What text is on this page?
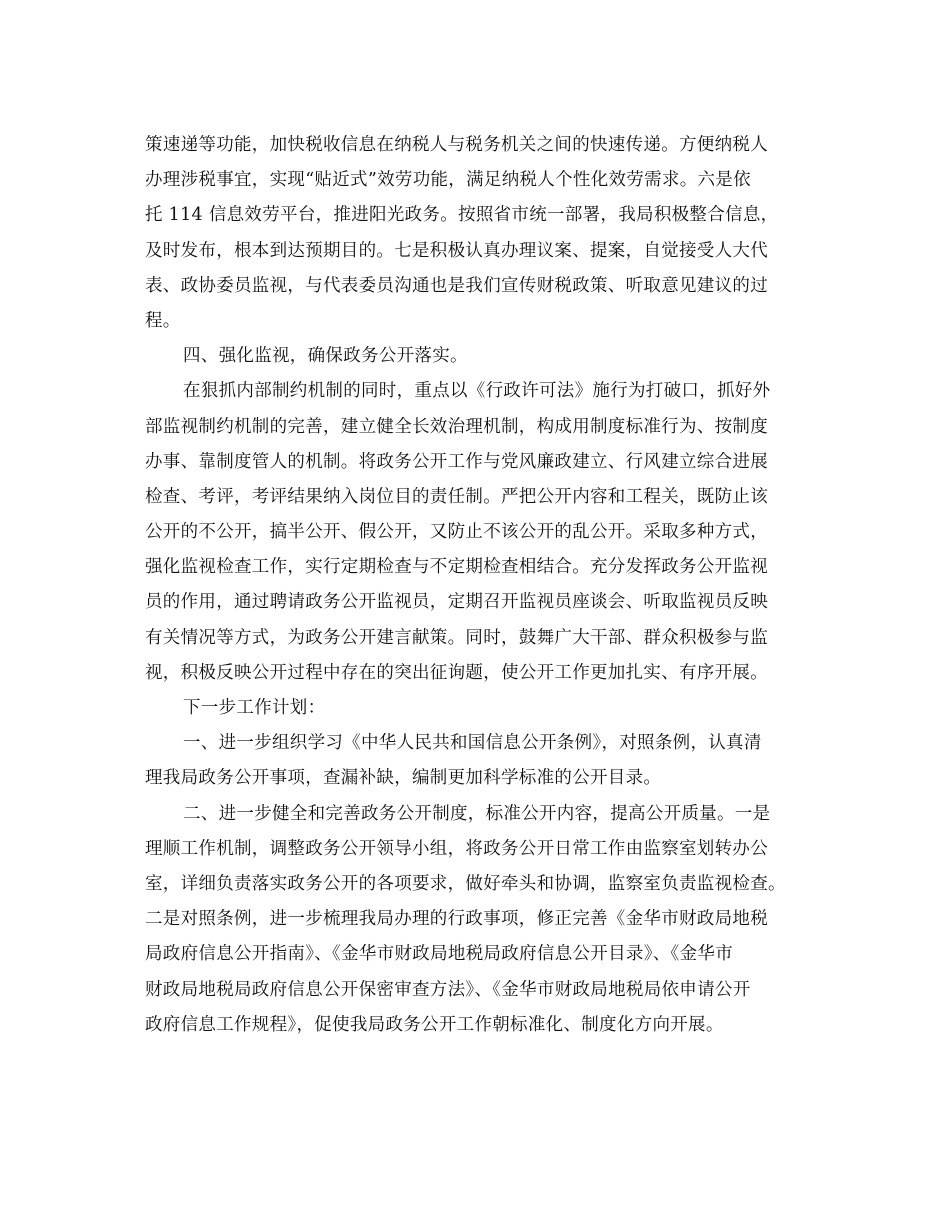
策速递等功能，加快税收信息在纳税人与税务机关之间的快速传递。方便纳税人
办理涉税事宜，实现“贴近式”效劳功能，满足纳税人个性化效劳需求。六是依
托 114 信息效劳平台，推进阳光政务。按照省市统一部署，我局积极整合信息，
及时发布，根本到达预期目的。七是积极认真办理议案、提案，自觉接受人大代
表、政协委员监视，与代表委员沟通也是我们宣传财税政策、听取意见建议的过
程。
四、强化监视，确保政务公开落实。
在狠抓内部制约机制的同时，重点以《行政许可法》施行为打破口，抓好外
部监视制约机制的完善，建立健全长效治理机制，构成用制度标准行为、按制度
办事、靠制度管人的机制。将政务公开工作与党风廉政建立、行风建立综合进展
检查、考评，考评结果纳入岗位目的责任制。严把公开内容和工程关，既防止该
公开的不公开，搞半公开、假公开，又防止不该公开的乱公开。采取多种方式，
强化监视检查工作，实行定期检查与不定期检查相结合。充分发挥政务公开监视
员的作用，通过聘请政务公开监视员，定期召开监视员座谈会、听取监视员反映
有关情况等方式，为政务公开建言献策。同时，鼓舞广大干部、群众积极参与监
视，积极反映公开过程中存在的突出征询题，使公开工作更加扎实、有序开展。
下一步工作计划：
一、进一步组织学习《中华人民共和国信息公开条例》，对照条例，认真清
理我局政务公开事项，查漏补缺，编制更加科学标准的公开目录。
二、进一步健全和完善政务公开制度，标准公开内容，提高公开质量。一是
理顺工作机制，调整政务公开领导小组，将政务公开日常工作由监察室划转办公
室，详细负责落实政务公开的各项要求，做好牵头和协调，监察室负责监视检查。
二是对照条例，进一步梳理我局办理的行政事项，修正完善《金华市财政局地税
局政府信息公开指南》、《金华市财政局地税局政府信息公开目录》、《金华市
财政局地税局政府信息公开保密审查方法》、《金华市财政局地税局依申请公开
政府信息工作规程》，促使我局政务公开工作朝标准化、制度化方向开展。
